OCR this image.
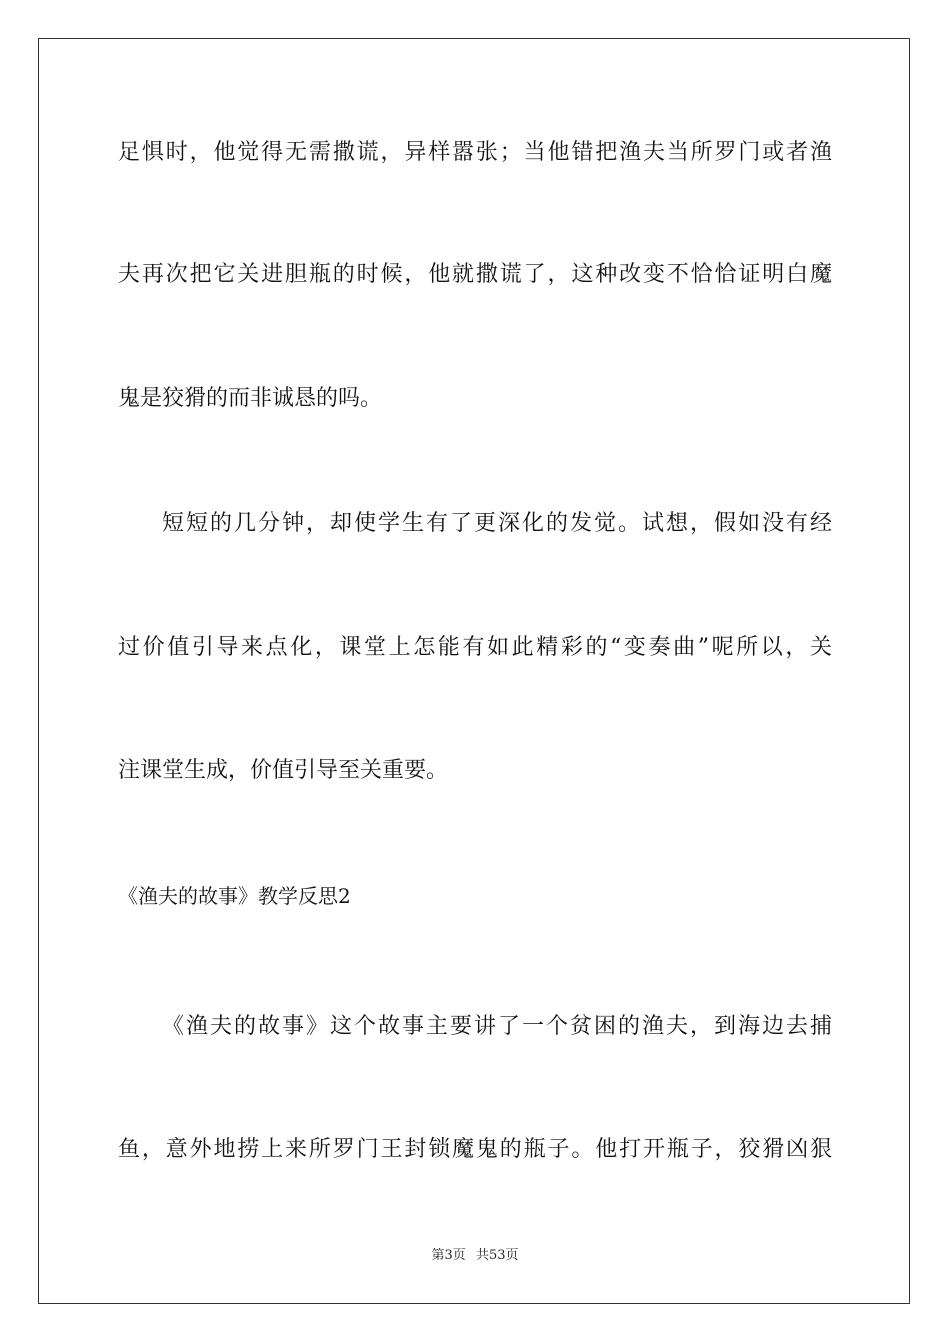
足惧时，他觉得无需撒谎，异样嚣张；当他错把渔夫当所罗门或者渔
夫再次把它关进胆瓶的时候，他就撒谎了，这种改变不恰恰证明白魔
鬼是狡猾的而非诚恳的吗。
短短的几分钟，却使学生有了更深化的发觉。试想，假如没有经
过价值引导来点化，课堂上怎能有如此精彩的“变奏曲”呢所以，关
注课堂生成，价值引导至关重要。
《渔夫的故事》教学反思2
《渔夫的故事》这个故事主要讲了一个贫困的渔夫，到海边去捕
鱼，意外地捞上来所罗门王封锁魔鬼的瓶子。他打开瓶子，狡猾凶狠
第3页 共53页
